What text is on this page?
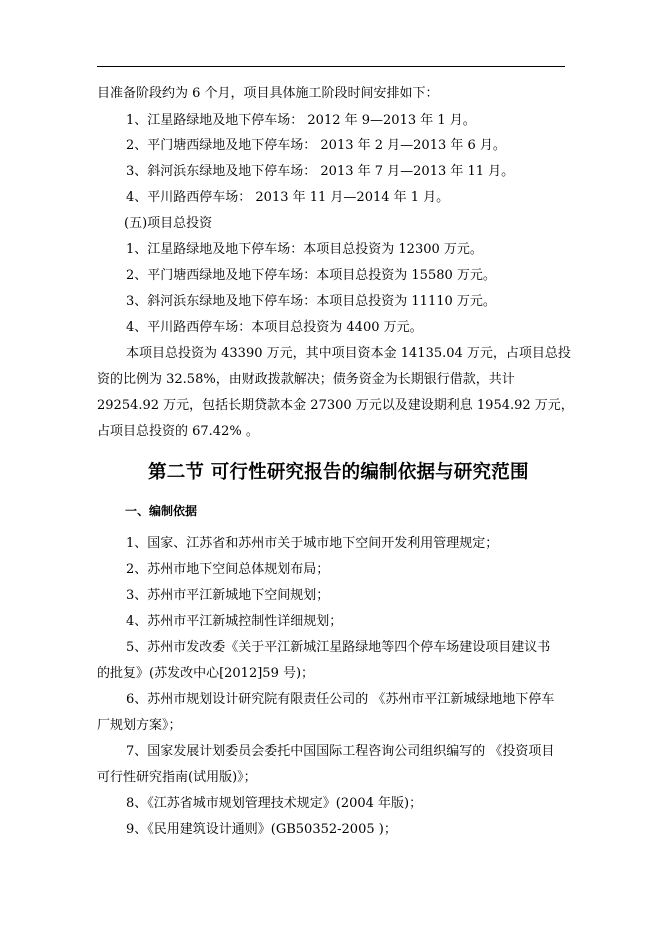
目准备阶段约为 6 个月，项目具体施工阶段时间安排如下：
1、江星路绿地及地下停车场： 2012 年 9—2013 年 1 月。
2、平门塘西绿地及地下停车场： 2013 年 2 月—2013 年 6 月。
3、斜河浜东绿地及地下停车场： 2013 年 7 月—2013 年 11 月。
4、平川路西停车场： 2013 年 11 月—2014 年 1 月。
(五)项目总投资
1、江星路绿地及地下停车场：本项目总投资为 12300 万元。
2、平门塘西绿地及地下停车场：本项目总投资为 15580 万元。
3、斜河浜东绿地及地下停车场：本项目总投资为 11110 万元。
4、平川路西停车场：本项目总投资为 4400 万元。
本项目总投资为 43390 万元，其中项目资本金 14135.04 万元，占项目总投
资的比例为 32.58%，由财政拨款解决；债务资金为长期银行借款，共计
29254.92 万元，包括长期贷款本金 27300 万元以及建设期利息 1954.92 万元，
占项目总投资的 67.42% 。
第二节 可行性研究报告的编制依据与研究范围
一、编制依据
1、国家、江苏省和苏州市关于城市地下空间开发利用管理规定；
2、苏州市地下空间总体规划布局；
3、苏州市平江新城地下空间规划；
4、苏州市平江新城控制性详细规划；
5、苏州市发改委《关于平江新城江星路绿地等四个停车场建设项目建议书
的批复》(苏发改中心[2012]59 号)；
6、苏州市规划设计研究院有限责任公司的 《苏州市平江新城绿地地下停车
厂规划方案》；
7、国家发展计划委员会委托中国国际工程咨询公司组织编写的 《投资项目
可行性研究指南(试用版)》；
8、《江苏省城市规划管理技术规定》(2004 年版)；
9、《民用建筑设计通则》(GB50352-2005 )；
